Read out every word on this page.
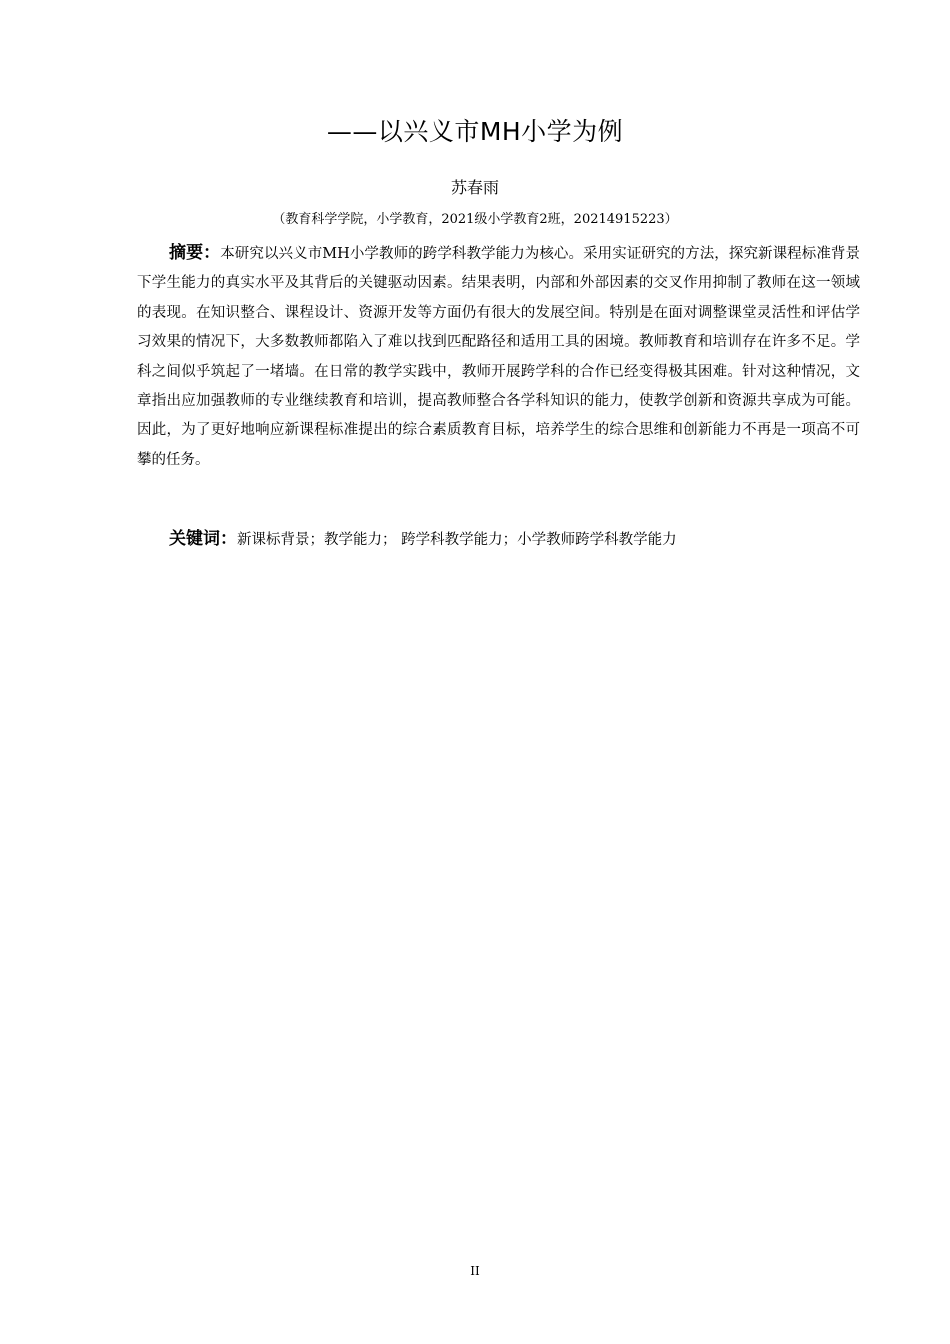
——以兴义市MH小学为例
苏春雨
（教育科学学院，小学教育，2021级小学教育2班，20214915223）

摘要：本研究以兴义市MH小学教师的跨学科教学能力为核心。采用实证研究的方法，探究新课程标准背景下学生能力的真实水平及其背后的关键驱动因素。结果表明，内部和外部因素的交叉作用抑制了教师在这一领域的表现。在知识整合、课程设计、资源开发等方面仍有很大的发展空间。特别是在面对调整课堂灵活性和评估学习效果的情况下，大多数教师都陷入了难以找到匹配路径和适用工具的困境。教师教育和培训存在许多不足。学科之间似乎筑起了一堵墙。在日常的教学实践中，教师开展跨学科的合作已经变得极其困难。针对这种情况，文章指出应加强教师的专业继续教育和培训，提高教师整合各学科知识的能力，使教学创新和资源共享成为可能。因此，为了更好地响应新课程标准提出的综合素质教育目标，培养学生的综合思维和创新能力不再是一项高不可攀的任务。

关键词：新课标背景；教学能力； 跨学科教学能力；小学教师跨学科教学能力

II
